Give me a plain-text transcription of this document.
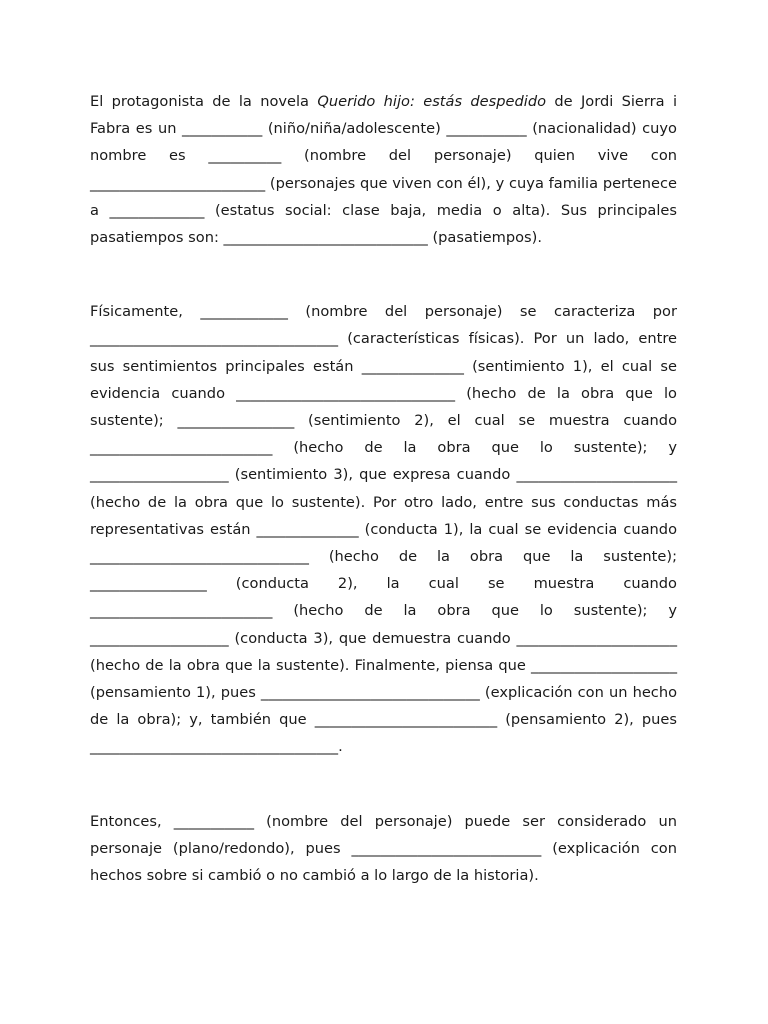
El protagonista de la novela Querido hijo: estás despedido de Jordi Sierra i Fabra es un ___________ (niño/niña/adolescente) ___________ (nacionalidad) cuyo nombre es __________ (nombre del personaje) quien vive con ________________________ (personajes que viven con él), y cuya familia pertenece a _____________ (estatus social: clase baja, media o alta). Sus principales pasatiempos son: ____________________________ (pasatiempos).

Físicamente, ____________ (nombre del personaje) se caracteriza por __________________________________ (características físicas). Por un lado, entre sus sentimientos principales están ______________ (sentimiento 1), el cual se evidencia cuando ______________________________ (hecho de la obra que lo sustente); ________________ (sentimiento 2), el cual se muestra cuando _________________________ (hecho de la obra que lo sustente); y ___________________ (sentimiento 3), que expresa cuando ______________________ (hecho de la obra que lo sustente). Por otro lado, entre sus conductas más representativas están ______________ (conducta 1), la cual se evidencia cuando ______________________________ (hecho de la obra que la sustente); ________________ (conducta 2), la cual se muestra cuando _________________________ (hecho de la obra que lo sustente); y ___________________ (conducta 3), que demuestra cuando ______________________ (hecho de la obra que la sustente). Finalmente, piensa que ____________________ (pensamiento 1), pues ______________________________ (explicación con un hecho de la obra); y, también que _________________________ (pensamiento 2), pues __________________________________.

Entonces, ___________ (nombre del personaje) puede ser considerado un personaje (plano/redondo), pues __________________________ (explicación con hechos sobre si cambió o no cambió a lo largo de la historia).
